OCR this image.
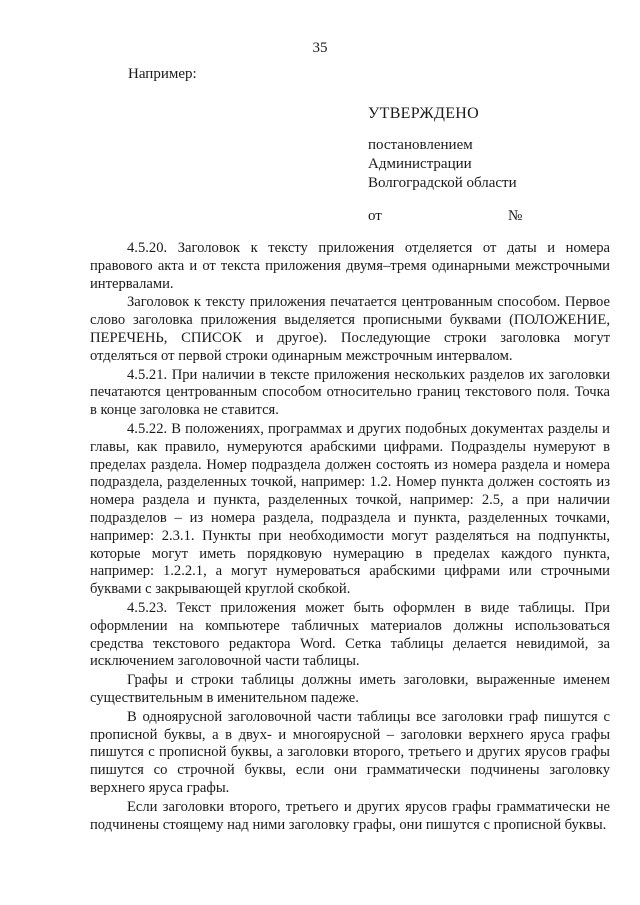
35
Например:
УТВЕРЖДЕНО
постановлением
Администрации
Волгоградской области
от	№

4.5.20. Заголовок к тексту приложения отделяется от даты и номера правового акта и от текста приложения двумя–тремя одинарными межстрочными интервалами.

Заголовок к тексту приложения печатается центрованным способом. Первое слово заголовка приложения выделяется прописными буквами (ПОЛОЖЕНИЕ, ПЕРЕЧЕНЬ, СПИСОК и другое). Последующие строки заголовка могут отделяться от первой строки одинарным межстрочным интервалом.

4.5.21. При наличии в тексте приложения нескольких разделов их заголовки печатаются центрованным способом относительно границ текстового поля. Точка в конце заголовка не ставится.

4.5.22. В положениях, программах и других подобных документах разделы и главы, как правило, нумеруются арабскими цифрами. Подразделы нумеруют в пределах раздела. Номер подраздела должен состоять из номера раздела и номера подраздела, разделенных точкой, например: 1.2. Номер пункта должен состоять из номера раздела и пункта, разделенных точкой, например: 2.5, а при наличии подразделов – из номера раздела, подраздела и пункта, разделенных точками, например: 2.3.1. Пункты при необходимости могут разделяться на подпункты, которые могут иметь порядковую нумерацию в пределах каждого пункта, например: 1.2.2.1, а могут нумероваться арабскими цифрами или строчными буквами с закрывающей круглой скобкой.

4.5.23. Текст приложения может быть оформлен в виде таблицы. При оформлении на компьютере табличных материалов должны использоваться средства текстового редактора Word. Сетка таблицы делается невидимой, за исключением заголовочной части таблицы.

Графы и строки таблицы должны иметь заголовки, выраженные именем существительным в именительном падеже.

В одноярусной заголовочной части таблицы все заголовки граф пишутся с прописной буквы, а в двух- и многоярусной – заголовки верхнего яруса графы пишутся с прописной буквы, а заголовки второго, третьего и других ярусов графы пишутся со строчной буквы, если они грамматически подчинены заголовку верхнего яруса графы.

Если заголовки второго, третьего и других ярусов графы грамматически не подчинены стоящему над ними заголовку графы, они пишутся с прописной буквы.
